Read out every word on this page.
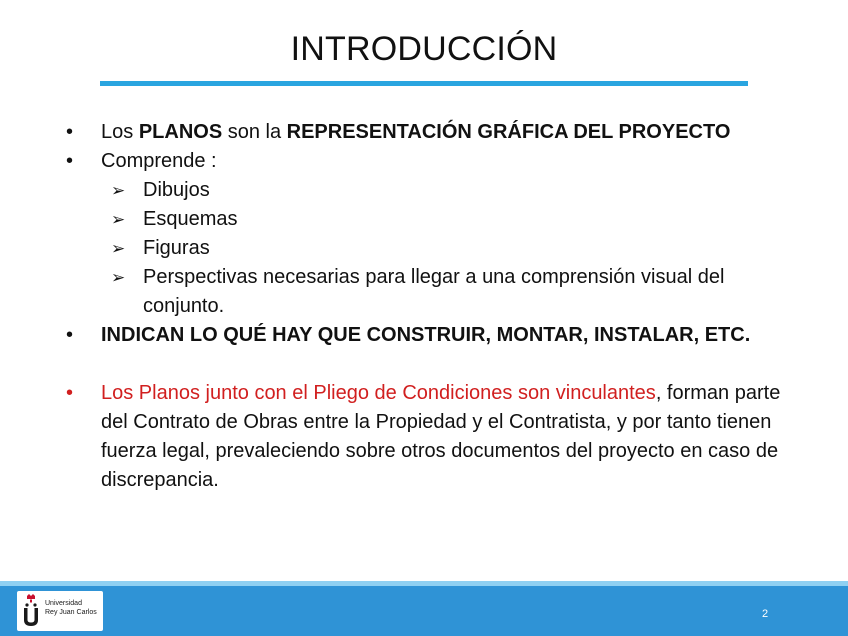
INTRODUCCIÓN
•	Los PLANOS son la REPRESENTACIÓN GRÁFICA DEL PROYECTO
•	Comprende :
➢ Dibujos
➢ Esquemas
➢ Figuras
➢ Perspectivas necesarias para llegar a una comprensión visual del conjunto.
•	INDICAN LO QUÉ HAY QUE CONSTRUIR, MONTAR, INSTALAR, ETC.
•	Los Planos junto con el Pliego de Condiciones son vinculantes, forman parte del Contrato de Obras entre la Propiedad y el Contratista, y por tanto tienen fuerza legal, prevaleciendo sobre otros documentos del proyecto en caso de discrepancia.
Universidad
Rey Juan Carlos	2
